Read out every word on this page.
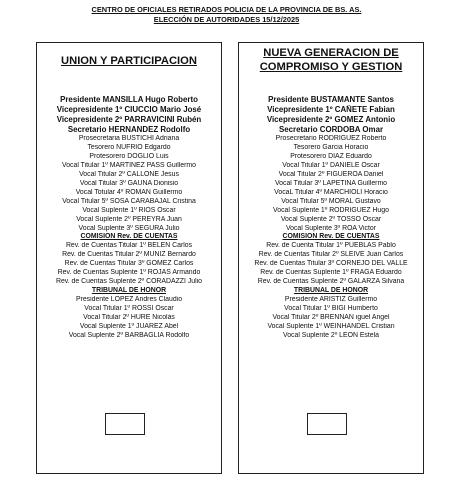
CENTRO DE OFICIALES RETIRADOS POLICIA DE LA PROVINCIA DE BS. AS.
ELECCIÓN DE AUTORIDADES 15/12/2025
UNION Y PARTICIPACION
Presidente MANSILLA Hugo Roberto
Vicepresidente 1º CIUCCIO Mario José
Vicepresidente 2º PARRAVICINI Rubén
Secretario HERNANDEZ Rodolfo
Prosecretaria BUSTICHI Adriana
Tesorero NUFRIO Edgardo
Protesorero DOGLIO Luis
Vocal Titular 1º MARTINEZ PASS Guillermo
Vocal Titular 2º CALLONE Jesus
Vocal Titular 3º GAUNA Dionisio
Vocal Totular 4º ROMAN Guillermo
Vocal Titular 5º SOSA CARABAJAL Cristina
Vocal Suplente 1º RIOS Oscar
Vocal Suplente 2º PEREYRA Juan
Vocal Suplente 3º SEGURA Julio
COMISION Rev. DE CUENTAS
Rev. de Cuentas Titular 1º BELEN Carlos
Rev. de Cuentas Titular 2º MUÑIZ Bernardo
Rev. de Cuentas Titular 3º GOMEZ Carlos
Rev. de Cuentas Suplente 1º ROJAS Armando
Rev. de Cuentas Suplente 2º CORADAZZI Julio
TRIBUNAL DE HONOR
Presidente LOPEZ Andres Claudio
Vocal Titular 1º ROSSI Oscar
Vocal Titular 2º HURE Nicolás
Vocal Suplente 1º JUAREZ Abel
Vocal Suplente 2º BARBAGLIA Rodolfo
NUEVA GENERACION DE COMPROMISO Y GESTION
Presidente BUSTAMANTE Santos
Vicepresidente 1º CAÑETE Fabian
Vicepresidente 2º GOMEZ Antonio
Secretario CORDOBA Omar
Prosecretario RODRIGUEZ Roberto
Tesorero Garcia Horacio
Protesorero DIAZ Eduardo
Vocal Titular 1º DANIELE Oscar
Vocal Titular 2º FIGUEROA Daniel
Vocal Titular 3º LAPETINA Guillermo
VocaL Titular 4º MARCHIOLI Horacio
Vocal Titular 5º MORAL Gustavo
Vocal Suplente 1º RODRIGUEZ Hugo
Vocal Suplente 2º TOSSO Oscar
Vocal Suplente 3º ROA Victor
COMISION Rev. DE CUENTAS
Rev. de Cuenta Titular 1º PUEBLAS Pablo
Rev. de Cuentas Titular 2º SLEIVE Juan Carlos
Rev. de Cuentas Titular 3º CORNEJO DEL VALLE
Rev. de Cuentas Suplente 1º FRAGA Eduardo
Rev. de Cuentas Suplente 2º GALARZA Silvana
TRIBUNAL DE HONOR
Presidente ARISTIZ Guillermo
Vocal Titular 1º BIGI Humberto
Vocal Titular 2º BRENNAN iguel Angel
Vocal Suplente 1º WEINHANDEL Cristian
Vocal Suplente 2º LEON Estela
